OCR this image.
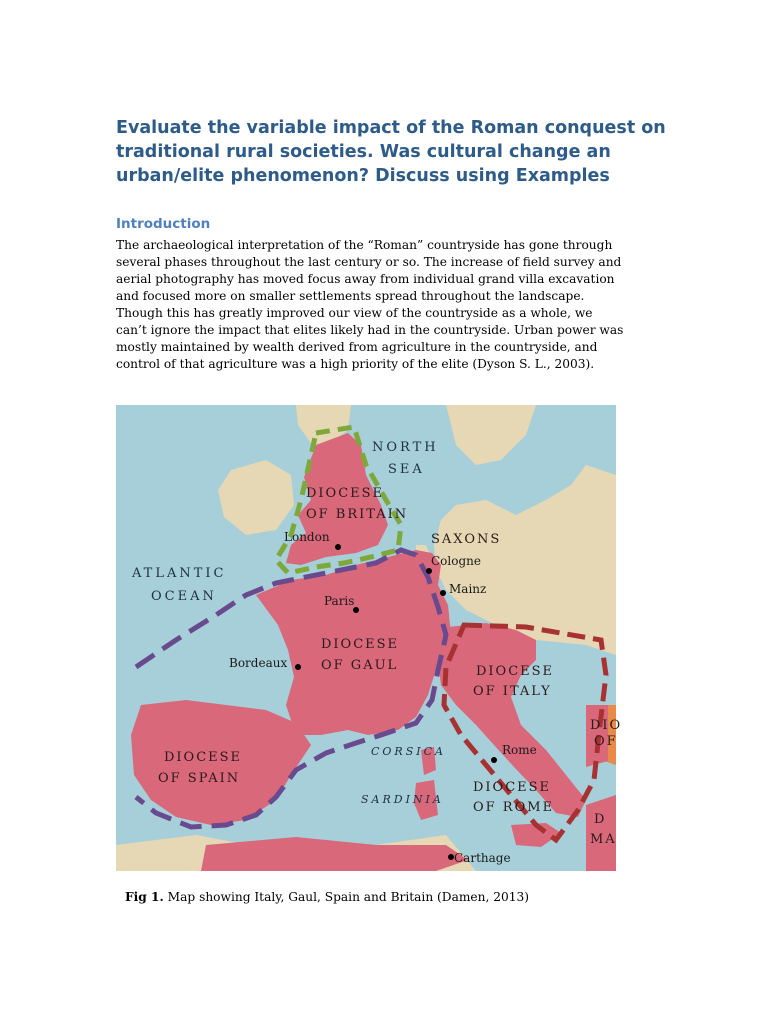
Evaluate the variable impact of the Roman conquest on traditional rural societies. Was cultural change an urban/elite phenomenon? Discuss using Examples
Introduction

The archaeological interpretation of the “Roman” countryside has gone through
several phases throughout the last century or so. The increase of field survey and
aerial photography has moved focus away from individual grand villa excavation
and focused more on smaller settlements spread throughout the landscape.
Though this has greatly improved our view of the countryside as a whole, we
can’t ignore the impact that elites likely had in the countryside. Urban power was
mostly maintained by wealth derived from agriculture in the countryside, and
control of that agriculture was a high priority of the elite (Dyson S. L., 2003).

NORTH
SEA
DIOCESE
OF BRITAIN
SAXONS
ATLANTIC
OCEAN
DIOCESE
OF GAUL	DIOCESE
OF ITALY
DIOCESE
OF SPAIN
DIOCESE
OF ROME
CORSICA
SARDINIA
DIO
OF
D
MA
London
Cologne
Mainz
Paris
Bordeaux
Rome
Carthage

Fig 1. Map showing Italy, Gaul, Spain and Britain (Damen, 2013)
